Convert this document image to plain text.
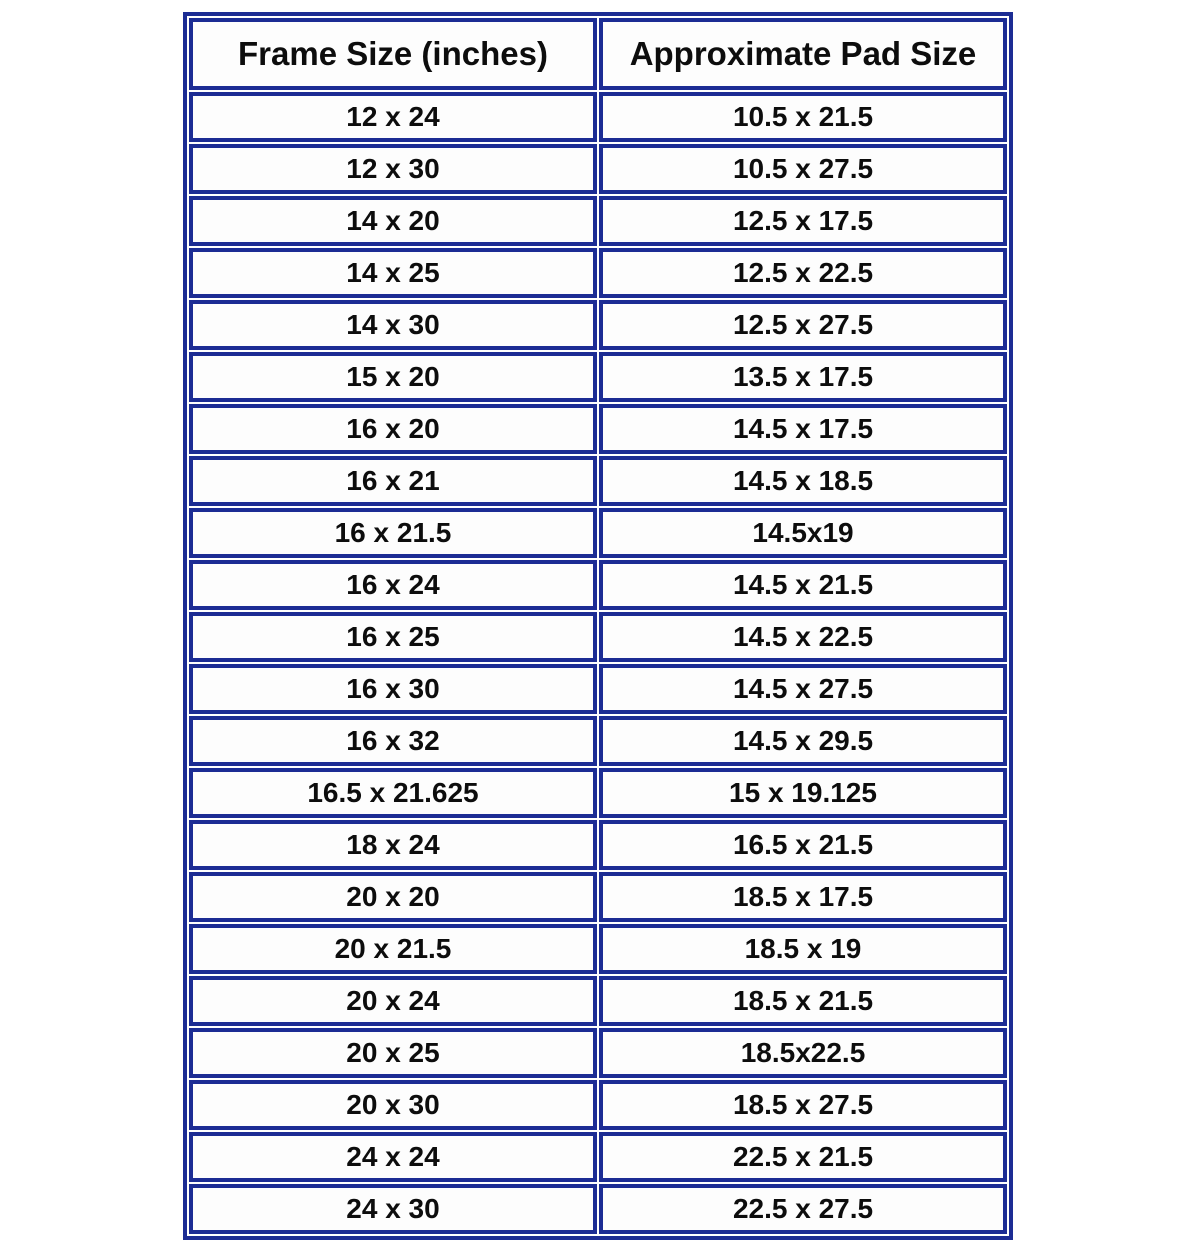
Frame Size (inches)	Approximate Pad Size
12 x 24	10.5 x 21.5
12 x 30	10.5 x 27.5
14 x 20	12.5 x 17.5
14 x 25	12.5 x 22.5
14 x 30	12.5 x 27.5
15 x 20	13.5 x 17.5
16 x 20	14.5 x 17.5
16 x 21	14.5 x 18.5
16 x 21.5	14.5x19
16 x 24	14.5 x 21.5
16 x 25	14.5 x 22.5
16 x 30	14.5 x 27.5
16 x 32	14.5 x 29.5
16.5 x 21.625	15 x 19.125
18 x 24	16.5 x 21.5
20 x 20	18.5 x 17.5
20 x 21.5	18.5 x 19
20 x 24	18.5 x 21.5
20 x 25	18.5x22.5
20 x 30	18.5 x 27.5
24 x 24	22.5 x 21.5
24 x 30	22.5 x 27.5
